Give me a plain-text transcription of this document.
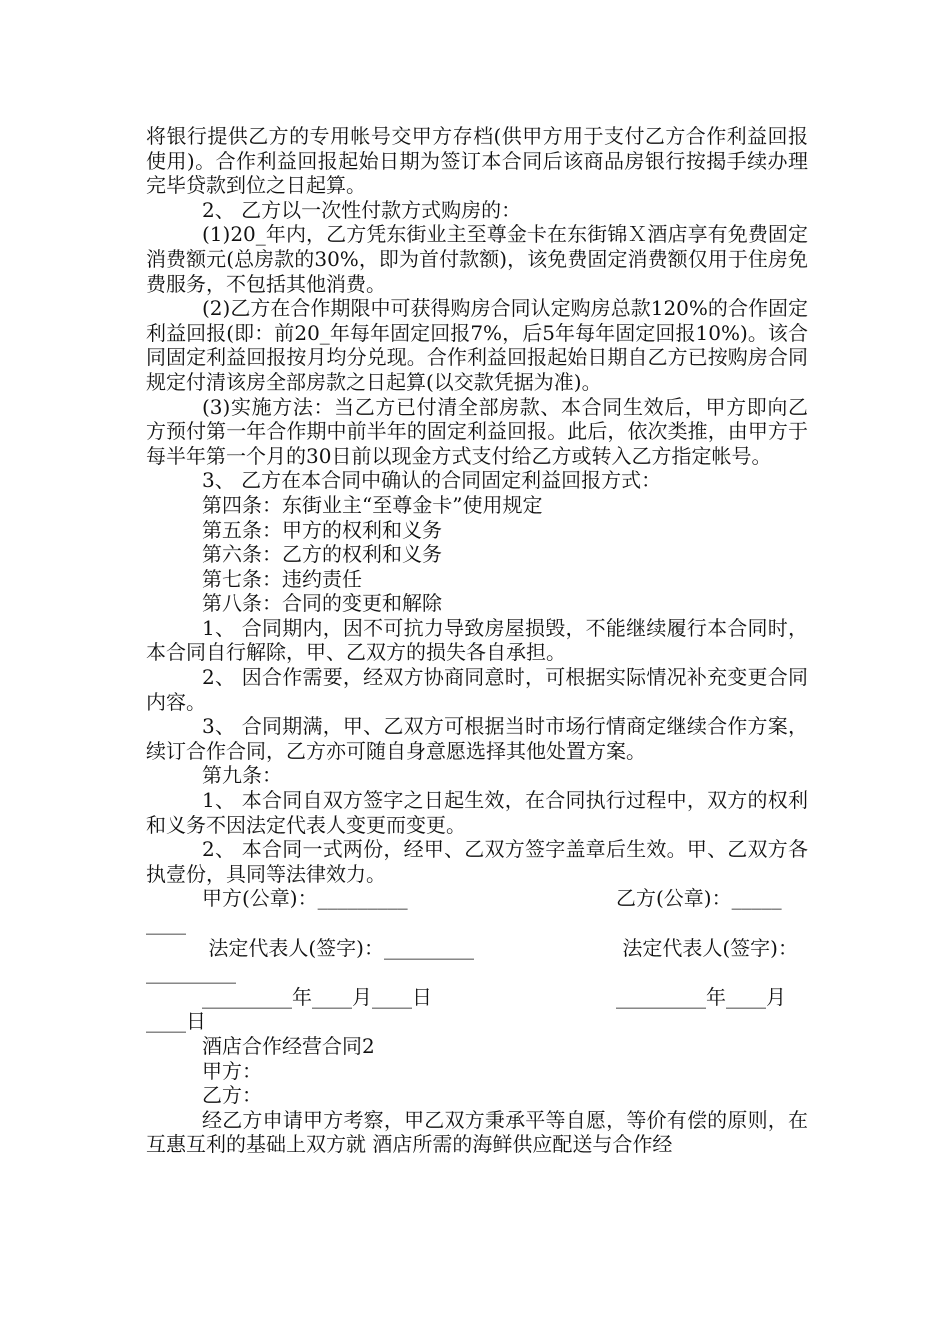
将银行提供乙方的专用帐号交甲方存档(供甲方用于支付乙方合作利益回报使用)。合作利益回报起始日期为签订本合同后该商品房银行按揭手续办理完毕贷款到位之日起算。

2、 乙方以一次性付款方式购房的：

(1)20_年内，乙方凭东街业主至尊金卡在东街锦Ｘ酒店享有免费固定消费额元(总房款的30%，即为首付款额)，该免费固定消费额仅用于住房免费服务，不包括其他消费。

(2)乙方在合作期限中可获得购房合同认定购房总款120%的合作固定利益回报(即：前20_年每年固定回报7%，后5年每年固定回报10%)。该合同固定利益回报按月均分兑现。合作利益回报起始日期自乙方已按购房合同规定付清该房全部房款之日起算(以交款凭据为准)。

(3)实施方法：当乙方已付清全部房款、本合同生效后，甲方即向乙方预付第一年合作期中前半年的固定利益回报。此后，依次类推，由甲方于每半年第一个月的30日前以现金方式支付给乙方或转入乙方指定帐号。

3、 乙方在本合同中确认的合同固定利益回报方式：

第四条：东街业主“至尊金卡”使用规定

第五条：甲方的权利和义务

第六条：乙方的权利和义务

第七条：违约责任

第八条：合同的变更和解除

1、 合同期内，因不可抗力导致房屋损毁，不能继续履行本合同时，本合同自行解除，甲、乙双方的损失各自承担。

2、 因合作需要，经双方协商同意时，可根据实际情况补充变更合同内容。

3、 合同期满，甲、乙双方可根据当时市场行情商定继续合作方案，续订合作合同，乙方亦可随自身意愿选择其他处置方案。

第九条：

1、 本合同自双方签字之日起生效，在合同执行过程中，双方的权利和义务不因法定代表人变更而变更。

2、 本合同一式两份，经甲、乙双方签字盖章后生效。甲、乙双方各执壹份，具同等法律效力。

甲方(公章)：_________	乙方(公章)：_____
____
法定代表人(签字)：_________	法定代表人(签字)：
_________
_________年____月____日	_________年____月
____日

酒店合作经营合同2

甲方：

乙方：

经乙方申请甲方考察，甲乙双方秉承平等自愿，等价有偿的原则，在互惠互利的基础上双方就 酒店所需的海鲜供应配送与合作经
